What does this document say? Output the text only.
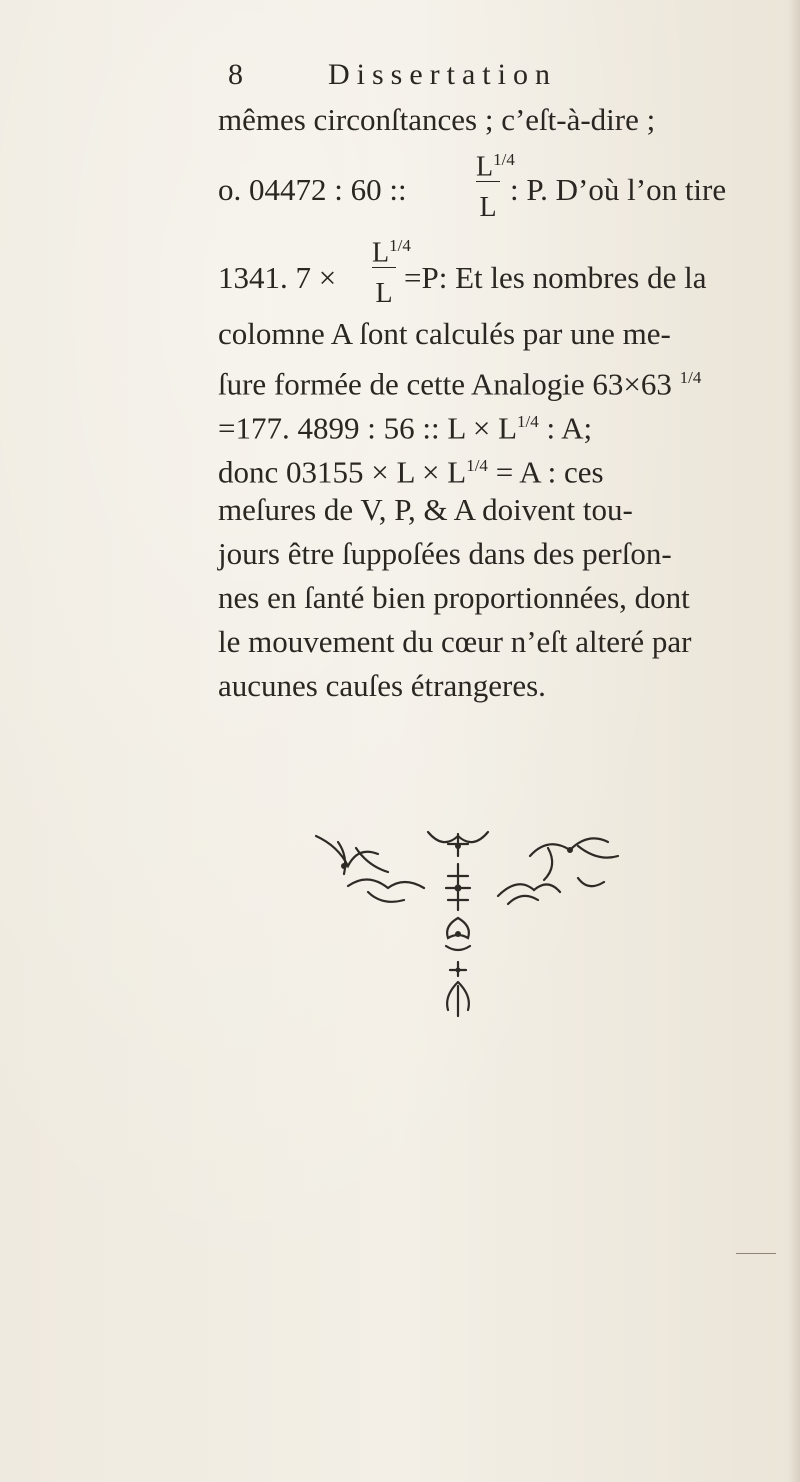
8	Dissertation
mêmes circonſtances ; c’eſt-à-dire ;
o. 04472 : 60 ::
$L^{1/4}$
L
: P. D’où l’on tire
1341. 7 ×
$L^{1/4}$
L =P: Et les nombres de la
colomne A ſont calculés par une me-
ſure formée de cette Analogie 63×63 $^{1/4}$
=177. 4899 : 56 :: $L \times L^{1/4}$ : A;
donc $03155 \times L \times L^{1/4} = A$ : ces
meſures de V, P, & A doivent tou-
jours être ſuppoſées dans des perſon-
nes en ſanté bien proportionnées, dont
le mouvement du cœur n’eſt alteré par
aucunes cauſes étrangeres.
